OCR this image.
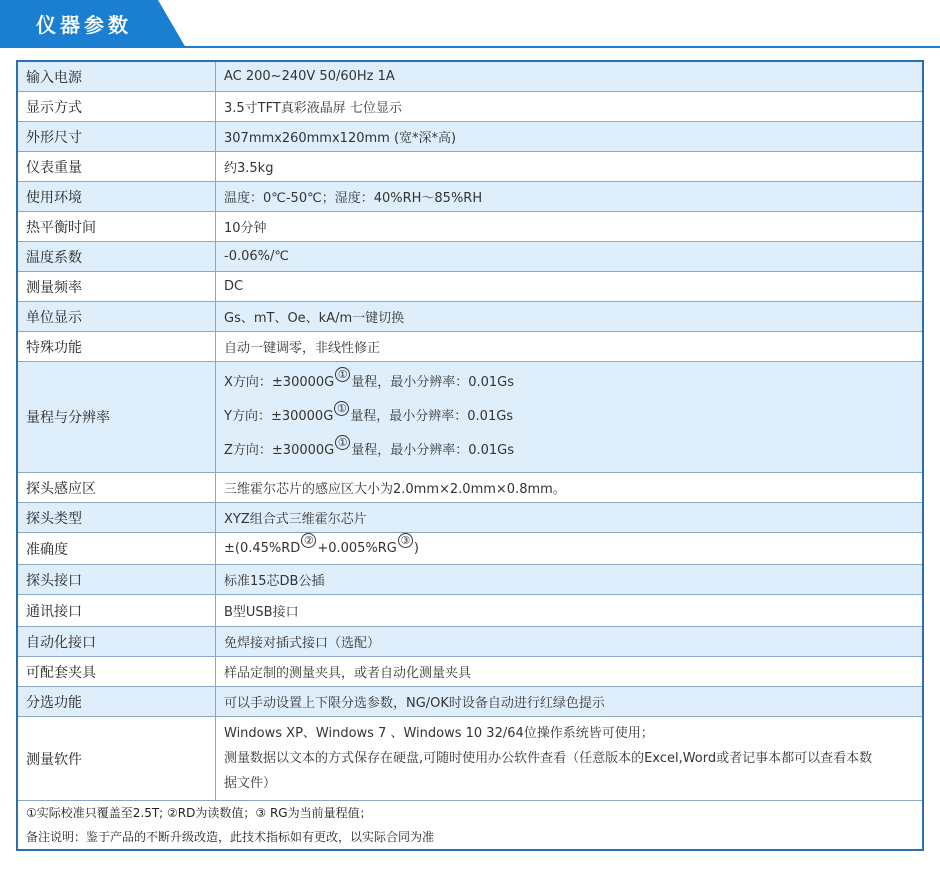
仪器参数
输入电源	AC 200~240V 50/60Hz 1A
显示方式	3.5寸TFT真彩液晶屏 七位显示
外形尺寸	307mmx260mmx120mm (宽*深*高)
仪表重量	约3.5kg
使用环境	温度：0℃-50℃；湿度：40%RH～85%RH
热平衡时间	10分钟
温度系数	-0.06%/℃
测量频率	DC
单位显示	Gs、mT、Oe、kA/m一键切换
特殊功能	自动一键调零，非线性修正
量程与分辨率	X方向：±30000G①量程，最小分辨率：0.01Gs
Y方向：±30000G①量程，最小分辨率：0.01Gs
Z方向：±30000G①量程，最小分辨率：0.01Gs

探头感应区	三维霍尔芯片的感应区大小为2.0mm×2.0mm×0.8mm。
探头类型	XYZ组合式三维霍尔芯片
准确度	±(0.45%RD②+0.005%RG③)
探头接口	标准15芯DB公插
通讯接口	B型USB接口
自动化接口	免焊接对插式接口（选配）
可配套夹具	样品定制的测量夹具，或者自动化测量夹具
分选功能	可以手动设置上下限分选参数，NG/OK时设备自动进行红绿色提示
测量软件	Windows XP、Windows 7 、Windows 10 32/64位操作系统皆可使用；
测量数据以文本的方式保存在硬盘,可随时使用办公软件查看（任意版本的Excel,Word或者记事本都可以查看本数
据文件）

①实际校准只覆盖至2.5T; ②RD为读数值；③ RG为当前量程值；
备注说明：鉴于产品的不断升级改造，此技术指标如有更改，以实际合同为准	
